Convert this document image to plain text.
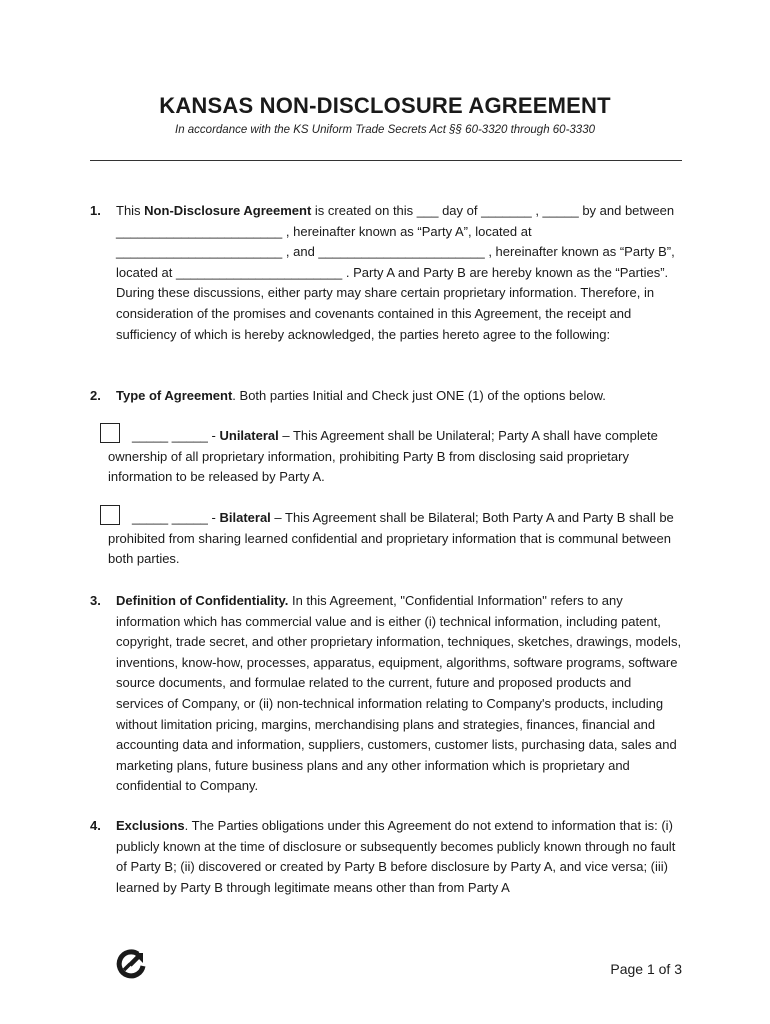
KANSAS NON-DISCLOSURE AGREEMENT
In accordance with the KS Uniform Trade Secrets Act §§ 60-3320 through 60-3330
1.	This Non-Disclosure Agreement is created on this ___ day of _______ , _____ by and between _______________________ , hereinafter known as “Party A”, located at _______________________ , and _______________________ , hereinafter known as “Party B”, located at _______________________ . Party A and Party B are hereby known as the “Parties”. During these discussions, either party may share certain proprietary information. Therefore, in consideration of the promises and covenants contained in this Agreement, the receipt and sufficiency of which is hereby acknowledged, the parties hereto agree to the following:
2.	Type of Agreement. Both parties Initial and Check just ONE (1) of the options below.
_____ _____ - Unilateral – This Agreement shall be Unilateral; Party A shall have complete ownership of all proprietary information, prohibiting Party B from disclosing said proprietary information to be released by Party A.
_____ _____ - Bilateral – This Agreement shall be Bilateral; Both Party A and Party B shall be prohibited from sharing learned confidential and proprietary information that is communal between both parties.
3.	Definition of Confidentiality. In this Agreement, "Confidential Information" refers to any information which has commercial value and is either (i) technical information, including patent, copyright, trade secret, and other proprietary information, techniques, sketches, drawings, models, inventions, know-how, processes, apparatus, equipment, algorithms, software programs, software source documents, and formulae related to the current, future and proposed products and services of Company, or (ii) non-technical information relating to Company's products, including without limitation pricing, margins, merchandising plans and strategies, finances, financial and accounting data and information, suppliers, customers, customer lists, purchasing data, sales and marketing plans, future business plans and any other information which is proprietary and confidential to Company.
4.	Exclusions. The Parties obligations under this Agreement do not extend to information that is: (i) publicly known at the time of disclosure or subsequently becomes publicly known through no fault of Party B; (ii) discovered or created by Party B before disclosure by Party A, and vice versa; (iii) learned by Party B through legitimate means other than from Party A
Page 1 of 3
